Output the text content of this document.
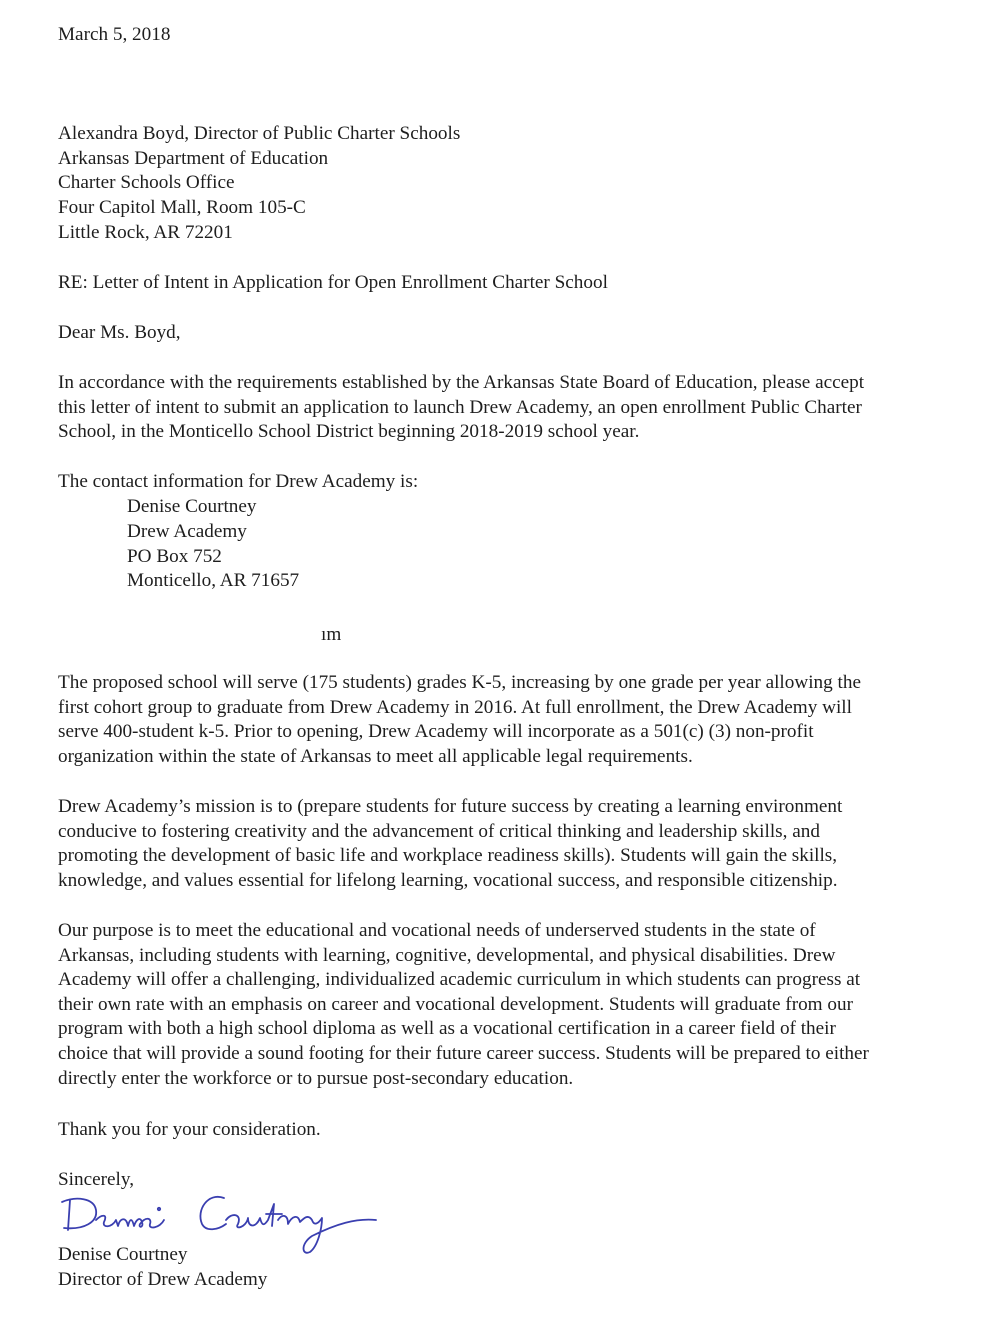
March 5, 2018
Alexandra Boyd, Director of Public Charter Schools
Arkansas Department of Education
Charter Schools Office
Four Capitol Mall, Room 105-C
Little Rock, AR 72201
RE: Letter of Intent in Application for Open Enrollment Charter School
Dear Ms. Boyd,
In accordance with the requirements established by the Arkansas State Board of Education, please accept
this letter of intent to submit an application to launch Drew Academy, an open enrollment Public Charter
School, in the Monticello School District beginning 2018-2019 school year.
The contact information for Drew Academy is:
Denise Courtney
Drew Academy
PO Box 752
Monticello, AR 71657
ım
The proposed school will serve (175 students) grades K-5, increasing by one grade per year allowing the
first cohort group to graduate from Drew Academy in 2016. At full enrollment, the Drew Academy will
serve 400-student k-5. Prior to opening, Drew Academy will incorporate as a 501(c) (3) non-profit
organization within the state of Arkansas to meet all applicable legal requirements.
Drew Academy’s mission is to (prepare students for future success by creating a learning environment
conducive to fostering creativity and the advancement of critical thinking and leadership skills, and
promoting the development of basic life and workplace readiness skills). Students will gain the skills,
knowledge, and values essential for lifelong learning, vocational success, and responsible citizenship.
Our purpose is to meet the educational and vocational needs of underserved students in the state of
Arkansas, including students with learning, cognitive, developmental, and physical disabilities. Drew
Academy will offer a challenging, individualized academic curriculum in which students can progress at
their own rate with an emphasis on career and vocational development. Students will graduate from our
program with both a high school diploma as well as a vocational certification in a career field of their
choice that will provide a sound footing for their future career success. Students will be prepared to either
directly enter the workforce or to pursue post-secondary education.
Thank you for your consideration.
Sincerely,
Denise Courtney
Director of Drew Academy
